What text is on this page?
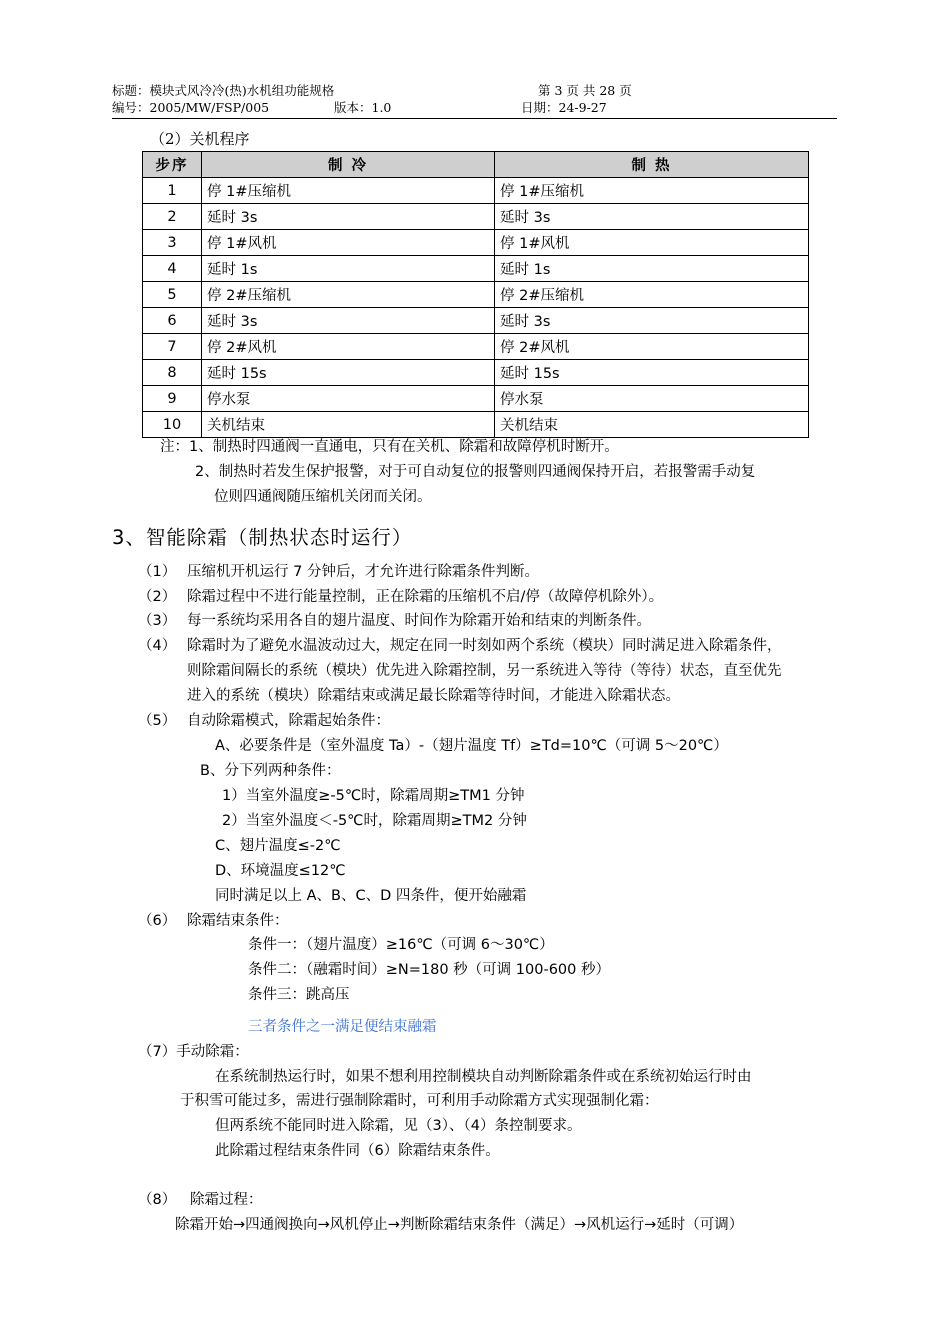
标题：模块式风冷冷(热)水机组功能规格	第 3 页 共 28 页
编号：2005/MW/FSP/005	版本：1.0	日期：24-9-27
（2）关机程序
步序	制 冷	制 热
1	停 1#压缩机	停 1#压缩机
2	延时 3s	延时 3s
3	停 1#风机	停 1#风机
4	延时 1s	延时 1s
5	停 2#压缩机	停 2#压缩机
6	延时 3s	延时 3s
7	停 2#风机	停 2#风机
8	延时 15s	延时 15s
9	停水泵	停水泵
10	关机结束	关机结束
注：1、制热时四通阀一直通电，只有在关机、除霜和故障停机时断开。
2、制热时若发生保护报警，对于可自动复位的报警则四通阀保持开启，若报警需手动复
位则四通阀随压缩机关闭而关闭。
3、智能除霜（制热状态时运行）
（1） 压缩机开机运行 7 分钟后，才允许进行除霜条件判断。
（2） 除霜过程中不进行能量控制，正在除霜的压缩机不启/停（故障停机除外）。
（3） 每一系统均采用各自的翅片温度、时间作为除霜开始和结束的判断条件。
（4） 除霜时为了避免水温波动过大，规定在同一时刻如两个系统（模块）同时满足进入除霜条件，
则除霜间隔长的系统（模块）优先进入除霜控制，另一系统进入等待（等待）状态，直至优先
进入的系统（模块）除霜结束或满足最长除霜等待时间，才能进入除霜状态。
（5） 自动除霜模式，除霜起始条件：
A、必要条件是（室外温度 Ta）-（翅片温度 Tf）≥Td=10℃（可调 5～20℃）
B、分下列两种条件：
1）当室外温度≥-5℃时，除霜周期≥TM1 分钟
2）当室外温度＜-5℃时，除霜周期≥TM2 分钟
C、翅片温度≤-2℃
D、环境温度≤12℃
同时满足以上 A、B、C、D 四条件，便开始融霜
（6） 除霜结束条件：
条件一：（翅片温度）≥16℃（可调 6～30℃）
条件二：（融霜时间）≥N=180 秒（可调 100-600 秒）
条件三：跳高压
三者条件之一满足便结束融霜
（7）手动除霜：
在系统制热运行时，如果不想利用控制模块自动判断除霜条件或在系统初始运行时由
于积雪可能过多，需进行强制除霜时，可利用手动除霜方式实现强制化霜：
但两系统不能同时进入除霜，见（3）、（4）条控制要求。
此除霜过程结束条件同（6）除霜结束条件。
（8） 除霜过程：
除霜开始→四通阀换向→风机停止→判断除霜结束条件（满足）→风机运行→延时（可调）
